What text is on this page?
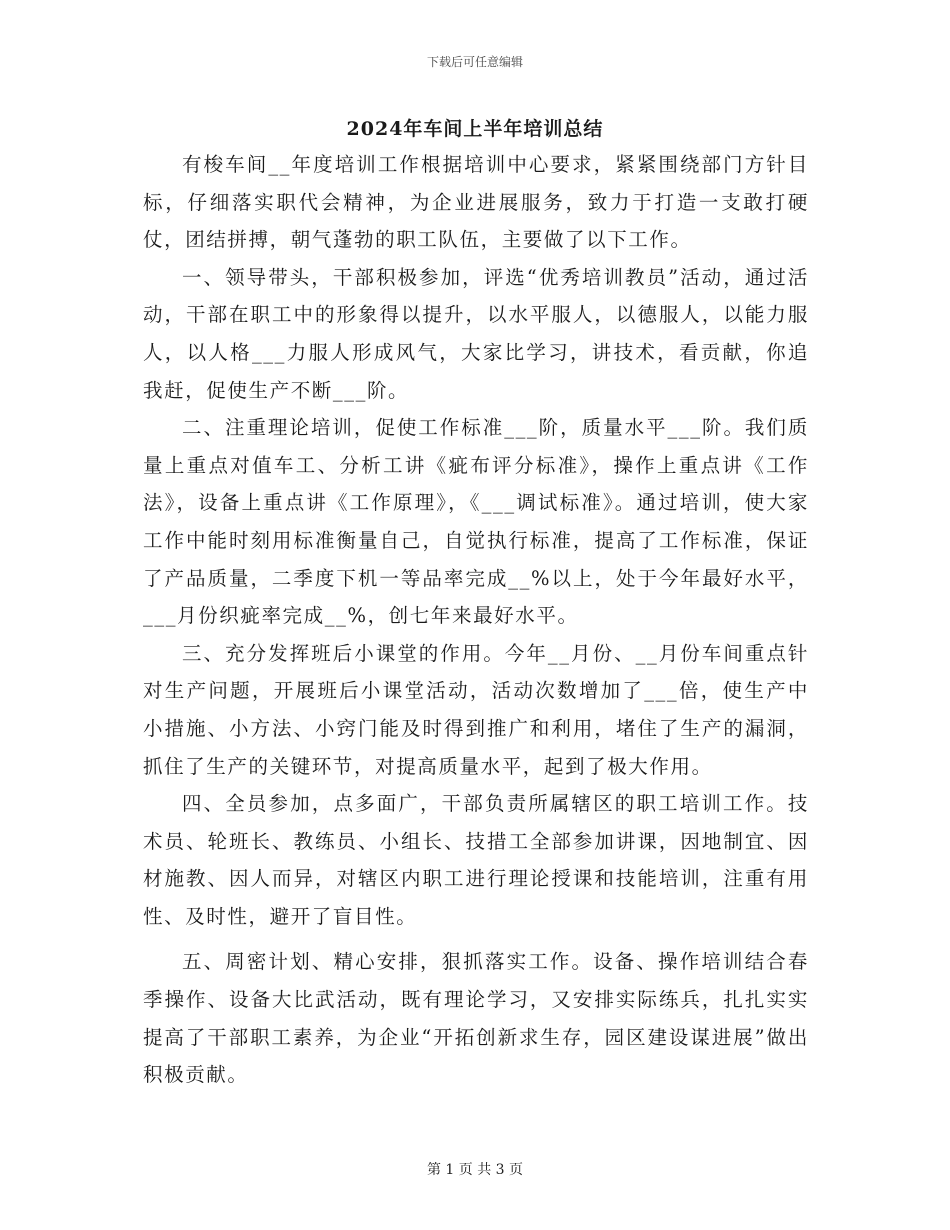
下载后可任意编辑
2024年车间上半年培训总结

有梭车间__年度培训工作根据培训中心要求，紧紧围绕部门方针目标，仔细落实职代会精神，为企业进展服务，致力于打造一支敢打硬仗，团结拼搏，朝气蓬勃的职工队伍，主要做了以下工作。

一、领导带头，干部积极参加，评选“优秀培训教员”活动，通过活动，干部在职工中的形象得以提升，以水平服人，以德服人，以能力服人，以人格___力服人形成风气，大家比学习，讲技术，看贡献，你追我赶，促使生产不断___阶。

二、注重理论培训，促使工作标准___阶，质量水平___阶。我们质量上重点对值车工、分析工讲《疵布评分标准》，操作上重点讲《工作法》，设备上重点讲《工作原理》，《___调试标准》。通过培训，使大家工作中能时刻用标准衡量自己，自觉执行标准，提高了工作标准，保证了产品质量，二季度下机一等品率完成__%以上，处于今年最好水平，___月份织疵率完成__%，创七年来最好水平。

三、充分发挥班后小课堂的作用。今年__月份、__月份车间重点针对生产问题，开展班后小课堂活动，活动次数增加了___倍，使生产中小措施、小方法、小窍门能及时得到推广和利用，堵住了生产的漏洞，抓住了生产的关键环节，对提高质量水平，起到了极大作用。

四、全员参加，点多面广，干部负责所属辖区的职工培训工作。技术员、轮班长、教练员、小组长、技措工全部参加讲课，因地制宜、因材施教、因人而异，对辖区内职工进行理论授课和技能培训，注重有用性、及时性，避开了盲目性。

五、周密计划、精心安排，狠抓落实工作。设备、操作培训结合春季操作、设备大比武活动，既有理论学习，又安排实际练兵，扎扎实实提高了干部职工素养，为企业“开拓创新求生存，园区建设谋进展”做出积极贡献。

第 1 页 共 3 页
